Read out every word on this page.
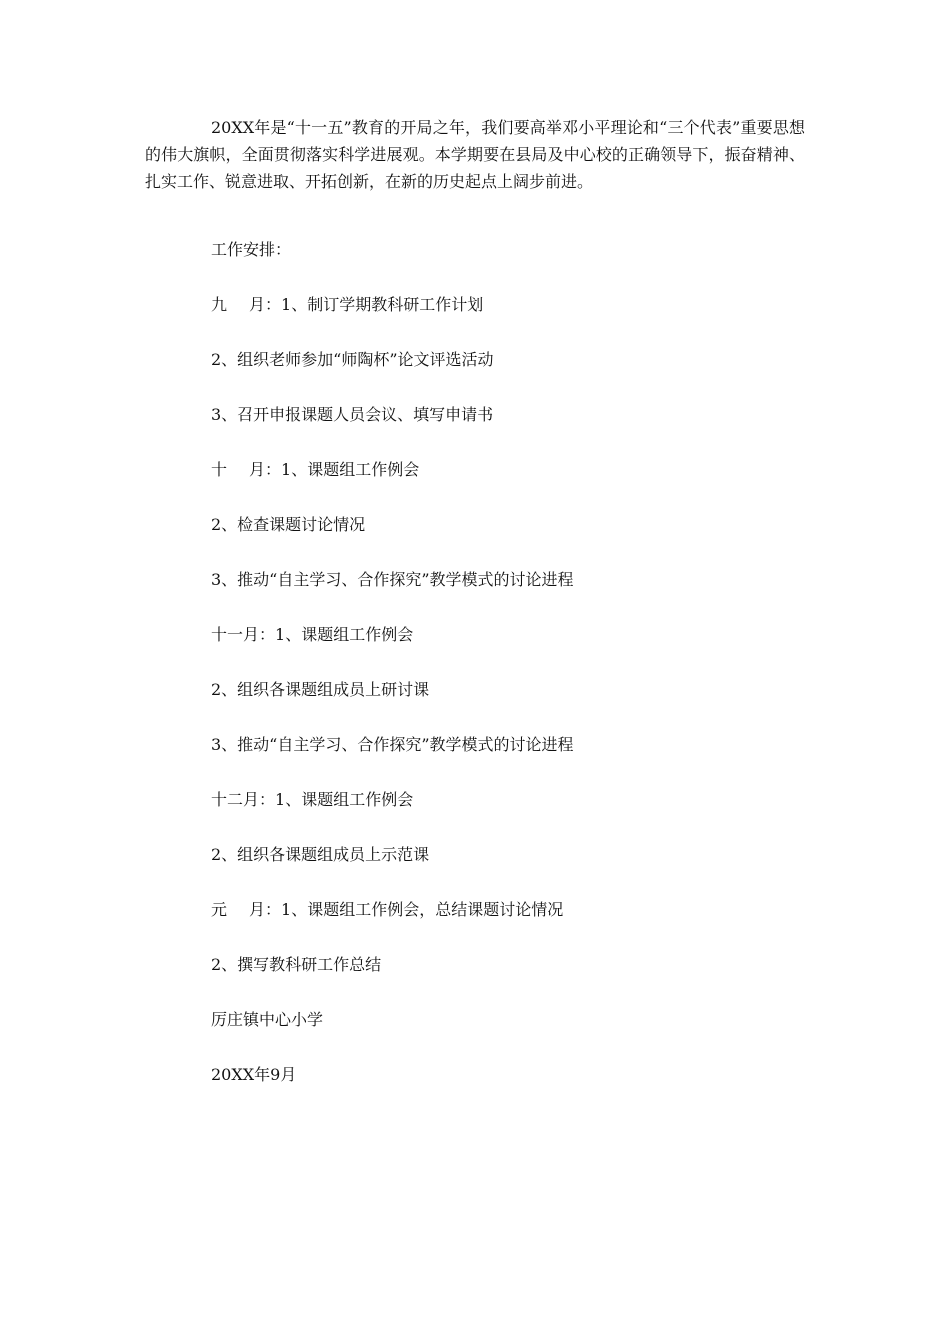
20XX年是“十一五”教育的开局之年，我们要高举邓小平理论和“三个代表”重要思想的伟大旗帜，全面贯彻落实科学进展观。本学期要在县局及中心校的正确领导下，振奋精神、扎实工作、锐意进取、开拓创新，在新的历史起点上阔步前进。

工作安排：

九 月：1、制订学期教科研工作计划

2、组织老师参加“师陶杯”论文评选活动

3、召开申报课题人员会议、填写申请书

十 月：1、课题组工作例会

2、检查课题讨论情况

3、推动“自主学习、合作探究”教学模式的讨论进程

十一月：1、课题组工作例会

2、组织各课题组成员上研讨课

3、推动“自主学习、合作探究”教学模式的讨论进程

十二月：1、课题组工作例会

2、组织各课题组成员上示范课

元 月：1、课题组工作例会，总结课题讨论情况

2、撰写教科研工作总结

厉庄镇中心小学

20XX年9月
